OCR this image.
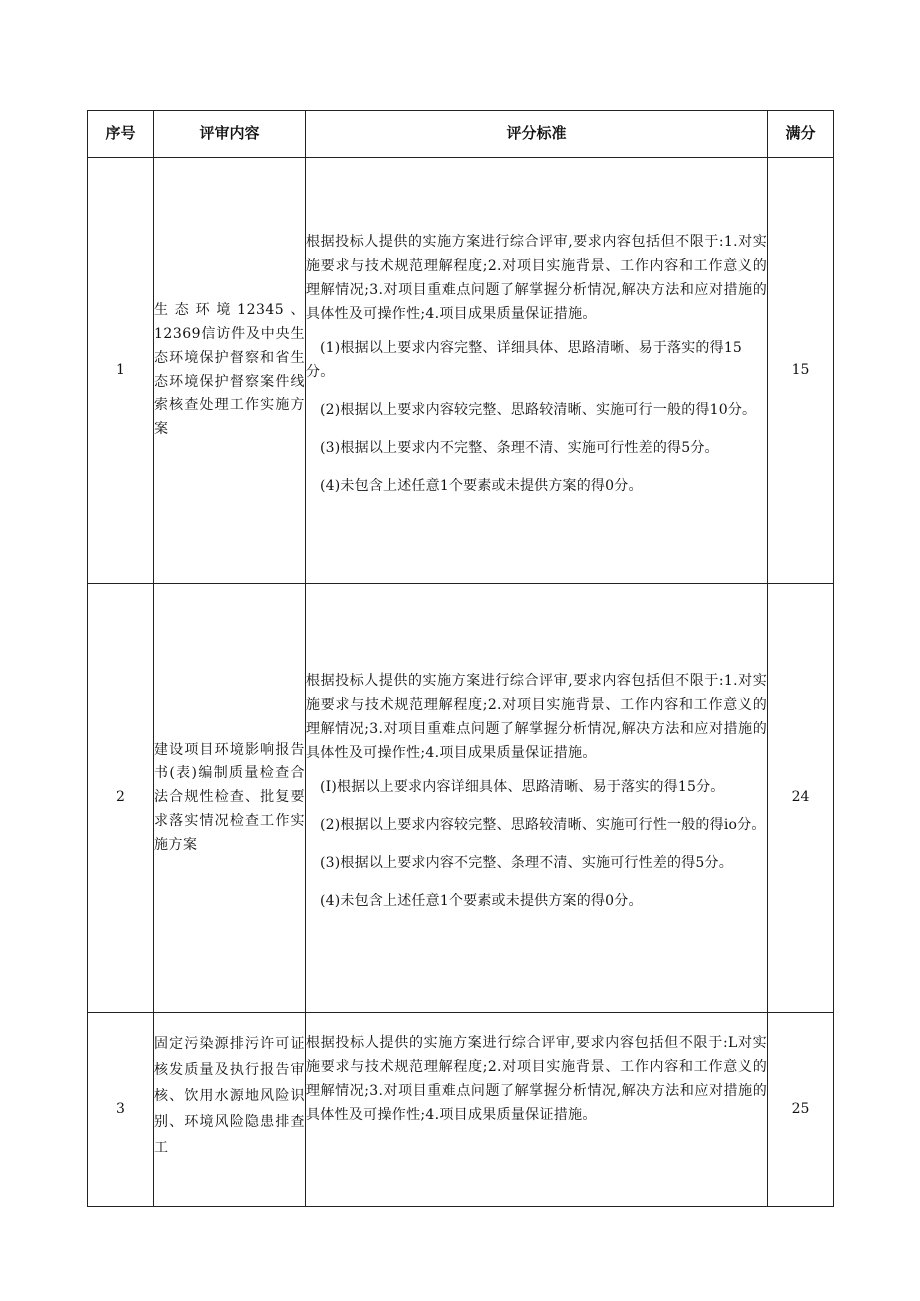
序号	评审内容	评分标准	满分
1	生态环境12345、12369信访件及中央生态环境保护督察和省生态环境保护督察案件线索核查处理工作实施方案	根据投标人提供的实施方案进行综合评审,要求内容包括但不限于:1.对实施要求与技术规范理解程度;2.对项目实施背景、工作内容和工作意义的理解情况;3.对项目重难点问题了解掌握分析情况,解决方法和应对措施的具体性及可操作性;4.项目成果质量保证措施。
(1)根据以上要求内容完整、详细具体、思路清晰、易于落实的得15分。
(2)根据以上要求内容较完整、思路较清晰、实施可行一般的得10分。
(3)根据以上要求内不完整、条理不清、实施可行性差的得5分。
(4)未包含上述任意1个要素或未提供方案的得0分。	15
2	建设项目环境影响报告书(表)编制质量检查合法合规性检查、批复要求落实情况检查工作实施方案	根据投标人提供的实施方案进行综合评审,要求内容包括但不限于:1.对实施要求与技术规范理解程度;2.对项目实施背景、工作内容和工作意义的理解情况;3.对项目重难点问题了解掌握分析情况,解决方法和应对措施的具体性及可操作性;4.项目成果质量保证措施。
(I)根据以上要求内容详细具体、思路清晰、易于落实的得15分。
(2)根据以上要求内容较完整、思路较清晰、实施可行性一般的得io分。
(3)根据以上要求内容不完整、条理不清、实施可行性差的得5分。
(4)未包含上述任意1个要素或未提供方案的得0分。	24
3	固定污染源排污许可证核发质量及执行报告审核、饮用水源地风险识别、环境风险隐患排查工	根据投标人提供的实施方案进行综合评审,要求内容包括但不限于:L对实施要求与技术规范理解程度;2.对项目实施背景、工作内容和工作意义的理解情况;3.对项目重难点问题了解掌握分析情况,解决方法和应对措施的具体性及可操作性;4.项目成果质量保证措施。	25
